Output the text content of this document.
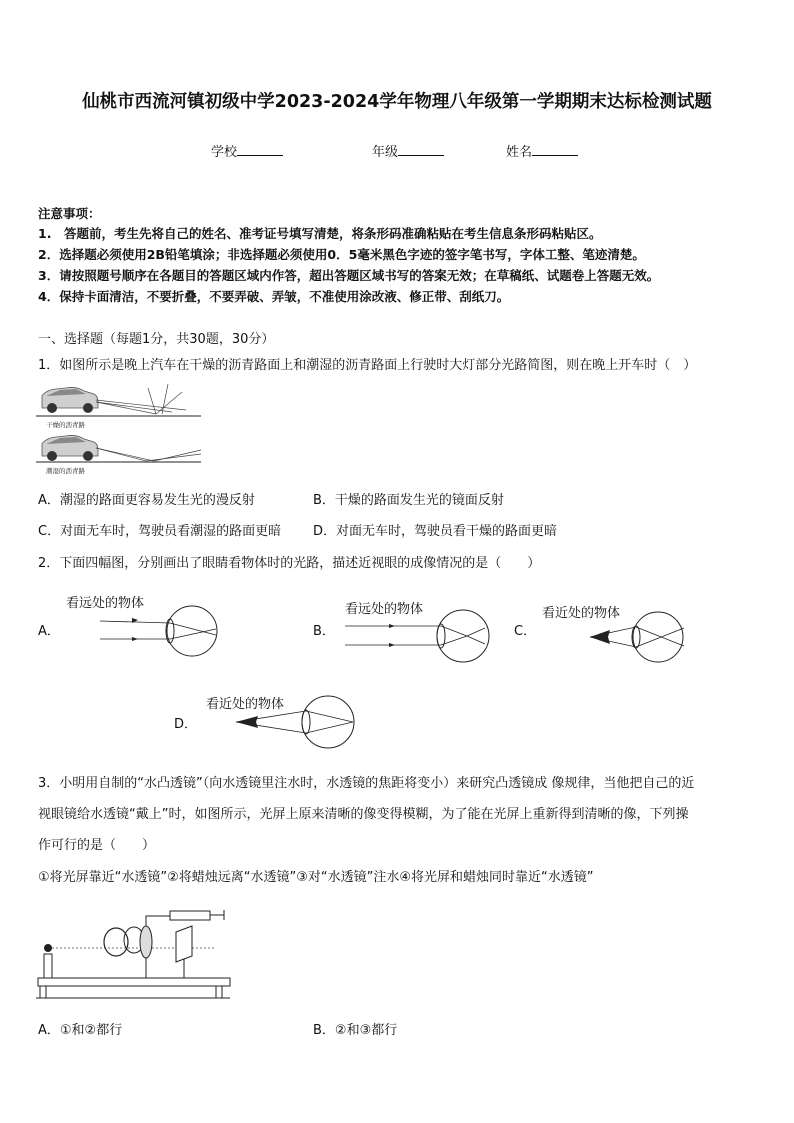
仙桃市西流河镇初级中学2023-2024学年物理八年级第一学期期末达标检测试题
学校	年级	姓名
注意事项：
1.　答题前，考生先将自己的姓名、准考证号填写清楚，将条形码准确粘贴在考生信息条形码粘贴区。
2．选择题必须使用2B铅笔填涂；非选择题必须使用0．5毫米黑色字迹的签字笔书写，字体工整、笔迹清楚。
3．请按照题号顺序在各题目的答题区域内作答，超出答题区域书写的答案无效；在草稿纸、试题卷上答题无效。
4．保持卡面清洁，不要折叠，不要弄破、弄皱，不准使用涂改液、修正带、刮纸刀。
一、选择题（每题1分，共30题，30分）
1．如图所示是晚上汽车在干燥的沥青路面上和潮湿的沥青路面上行驶时大灯部分光路简图，则在晚上开车时（　）
干燥的沥青路
潮湿的沥青路
A．潮湿的路面更容易发生光的漫反射	B．干燥的路面发生光的镜面反射
C．对面无车时，驾驶员看潮湿的路面更暗 D．对面无车时，驾驶员看干燥的路面更暗
2．下面四幅图，分别画出了眼睛看物体时的光路，描述近视眼的成像情况的是（　　）
看远处的物体
A．
看远处的物体
B．
看近处的物体
C．
看近处的物体
D．
3．小明用自制的“水凸透镜”（向水透镜里注水时，水透镜的焦距将变小）来研究凸透镜成 像规律，当他把自己的近
视眼镜给水透镜“戴上”时，如图所示，光屏上原来清晰的像变得模糊，为了能在光屏上重新得到清晰的像，下列操
作可行的是（　　）
①将光屏靠近“水透镜”②将蜡烛远离“水透镜”③对“水透镜”注水④将光屏和蜡烛同时靠近“水透镜”
A．①和②都行	B．②和③都行
